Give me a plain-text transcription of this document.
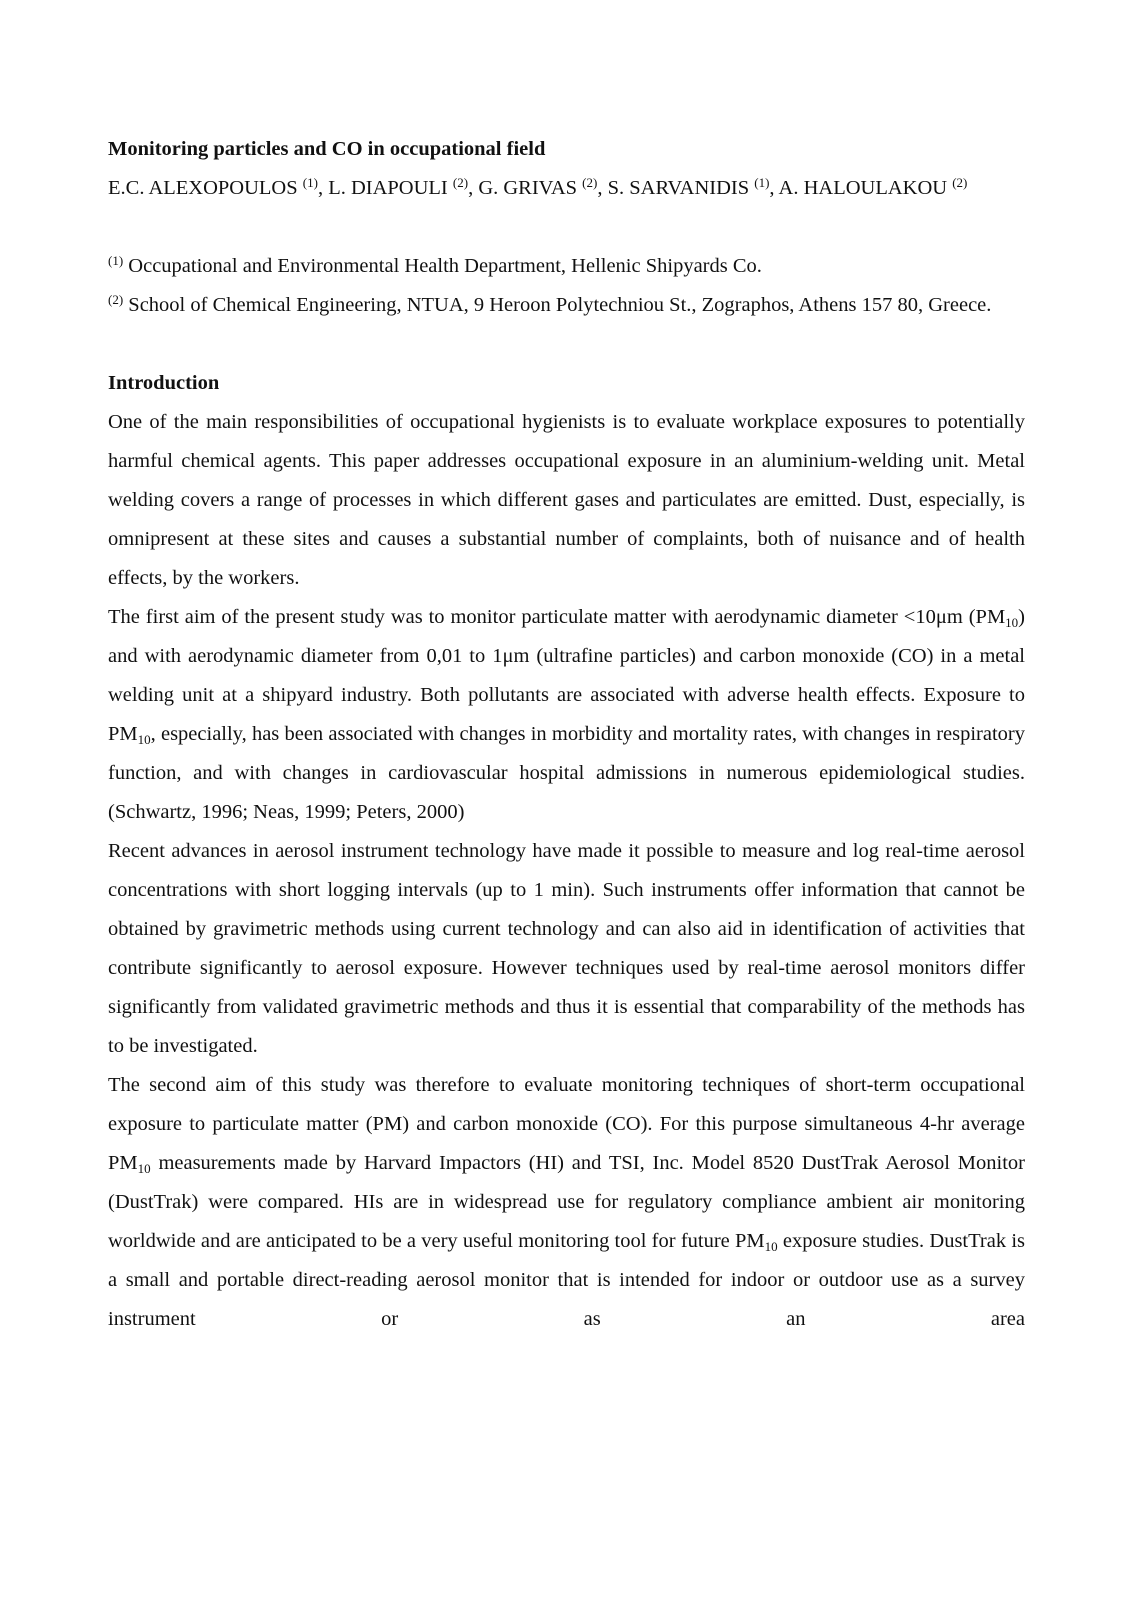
Monitoring particles and CO in occupational field

E.C. ALEXOPOULOS $^{(1)}$, L. DIAPOULI $^{(2)}$, G. GRIVAS $^{(2)}$, S. SARVANIDIS $^{(1)}$, A. HALOULAKOU $^{(2)}$

$^{(1)}$ Occupational and Environmental Health Department, Hellenic Shipyards Co.

$^{(2)}$ School of Chemical Engineering, NTUA, 9 Heroon Polytechniou St., Zographos, Athens 157 80, Greece.

Introduction

One of the main responsibilities of occupational hygienists is to evaluate workplace exposures to potentially harmful chemical agents. This paper addresses occupational exposure in an aluminium-welding unit. Metal welding covers a range of processes in which different gases and particulates are emitted. Dust, especially, is omnipresent at these sites and causes a substantial number of complaints, both of nuisance and of health effects, by the workers.

The first aim of the present study was to monitor particulate matter with aerodynamic diameter <10μm $(PM_{10})$ and with aerodynamic diameter from 0,01 to 1μm (ultrafine particles) and carbon monoxide (CO) in a metal welding unit at a shipyard industry. Both pollutants are associated with adverse health effects. Exposure to $PM_{10}$, especially, has been associated with changes in morbidity and mortality rates, with changes in respiratory function, and with changes in cardiovascular hospital admissions in numerous epidemiological studies. (Schwartz, 1996; Neas, 1999; Peters, 2000)

Recent advances in aerosol instrument technology have made it possible to measure and log real-time aerosol concentrations with short logging intervals (up to 1 min). Such instruments offer information that cannot be obtained by gravimetric methods using current technology and can also aid in identification of activities that contribute significantly to aerosol exposure. However techniques used by real-time aerosol monitors differ significantly from validated gravimetric methods and thus it is essential that comparability of the methods has to be investigated.

The second aim of this study was therefore to evaluate monitoring techniques of short-term occupational exposure to particulate matter (PM) and carbon monoxide (CO). For this purpose simultaneous 4-hr average $PM_{10}$ measurements made by Harvard Impactors (HI) and TSI, Inc. Model 8520 DustTrak Aerosol Monitor (DustTrak) were compared. HIs are in widespread use for regulatory compliance ambient air monitoring worldwide and are anticipated to be a very useful monitoring tool for future $PM_{10}$ exposure studies. DustTrak is a small and portable direct-reading aerosol monitor that is intended for indoor or outdoor use as a survey instrument or as an area
